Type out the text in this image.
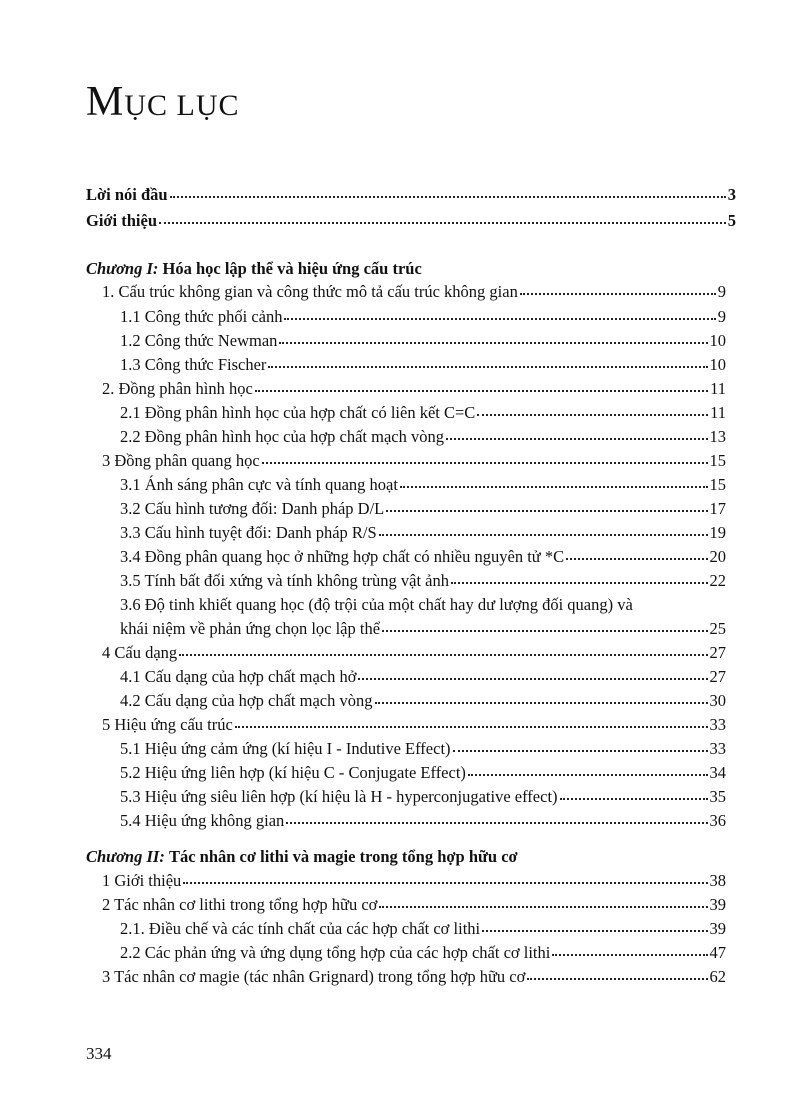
MỤC LỤC
Lời nói đầu	3
Giới thiệu	5
Chương I: Hóa học lập thể và hiệu ứng cấu trúc
1. Cấu trúc không gian và công thức mô tả cấu trúc không gian	9
1.1 Công thức phối cảnh	9
1.2 Công thức Newman	10
1.3 Công thức Fischer	10
2. Đồng phân hình học	11
2.1 Đồng phân hình học của hợp chất có liên kết C=C	11
2.2 Đồng phân hình học của hợp chất mạch vòng	13
3 Đồng phân quang học	15
3.1 Ánh sáng phân cực và tính quang hoạt	15
3.2 Cấu hình tương đối: Danh pháp D/L	17
3.3 Cấu hình tuyệt đối: Danh pháp R/S	19
3.4 Đồng phân quang học ở những hợp chất có nhiều nguyên tử *C	20
3.5 Tính bất đối xứng và tính không trùng vật ảnh	22
3.6 Độ tinh khiết quang học (độ trội của một chất hay dư lượng đối quang) và
khái niệm về phản ứng chọn lọc lập thể	25
4 Cấu dạng	27
4.1 Cấu dạng của hợp chất mạch hở	27
4.2 Cấu dạng của hợp chất mạch vòng	30
5 Hiệu ứng cấu trúc	33
5.1 Hiệu ứng cảm ứng (kí hiệu I - Indutive Effect)	33
5.2 Hiệu ứng liên hợp (kí hiệu C - Conjugate Effect)	34
5.3 Hiệu ứng siêu liên hợp (kí hiệu là H - hyperconjugative effect)	35
5.4 Hiệu ứng không gian	36
Chương II: Tác nhân cơ lithi và magie trong tổng hợp hữu cơ
1 Giới thiệu	38
2 Tác nhân cơ lithi trong tổng hợp hữu cơ	39
2.1. Điều chế và các tính chất của các hợp chất cơ lithi	39
2.2 Các phản ứng và ứng dụng tổng hợp của các hợp chất cơ lithi	47
3 Tác nhân cơ magie (tác nhân Grignard) trong tổng hợp hữu cơ	62
334
